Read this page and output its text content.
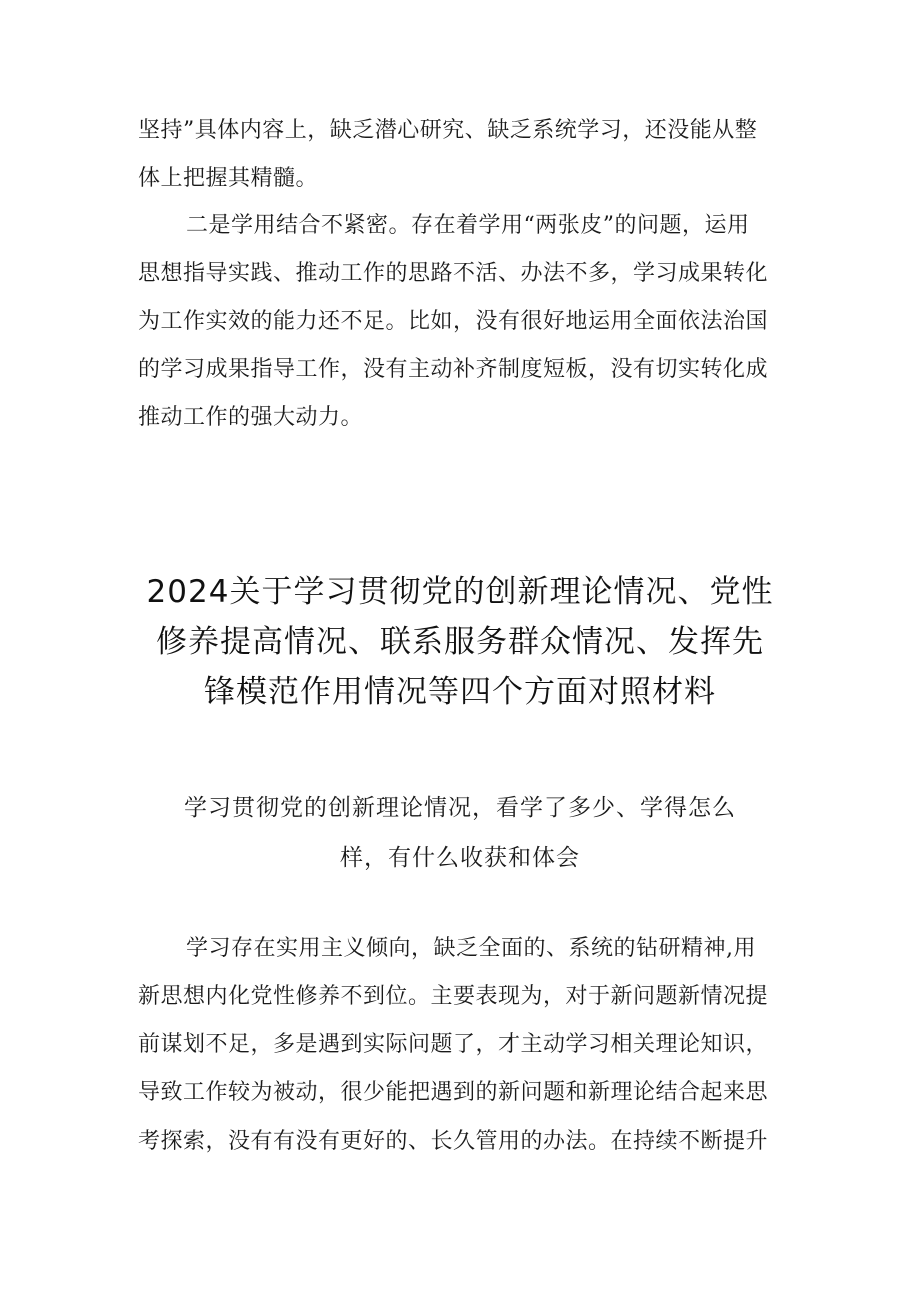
坚持”具体内容上，缺乏潜心研究、缺乏系统学习，还没能从整
体上把握其精髓。
二是学用结合不紧密。存在着学用“两张皮”的问题，运用
思想指导实践、推动工作的思路不活、办法不多，学习成果转化
为工作实效的能力还不足。比如，没有很好地运用全面依法治国
的学习成果指导工作，没有主动补齐制度短板，没有切实转化成
推动工作的强大动力。
2024关于学习贯彻党的创新理论情况、党性
修养提高情况、联系服务群众情况、发挥先
锋模范作用情况等四个方面对照材料
学习贯彻党的创新理论情况，看学了多少、学得怎么
样，有什么收获和体会
学习存在实用主义倾向，缺乏全面的、系统的钻研精神,用
新思想内化党性修养不到位。主要表现为，对于新问题新情况提
前谋划不足，多是遇到实际问题了，才主动学习相关理论知识，
导致工作较为被动，很少能把遇到的新问题和新理论结合起来思
考探索，没有有没有更好的、长久管用的办法。在持续不断提升
